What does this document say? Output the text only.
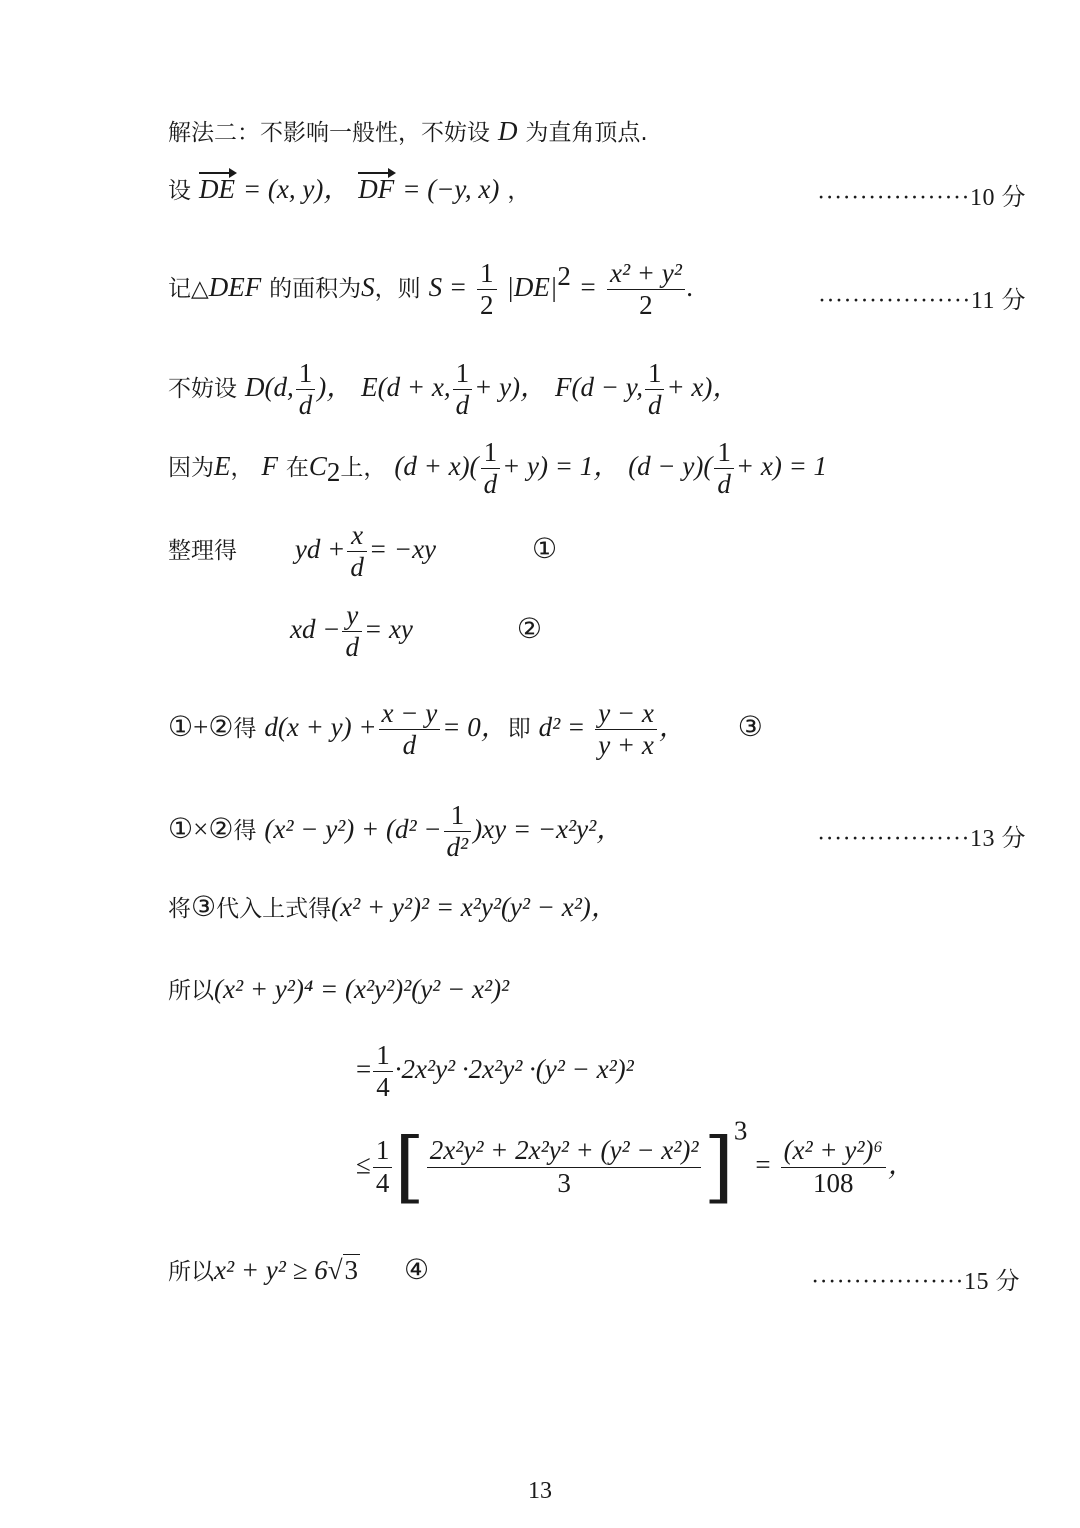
解法二：不影响一般性，不妨设 D 为直角顶点.
设 DE = (x, y)， DF = (−y, x) ，	··················10 分
记△DEF 的面积为S，则 $S = \frac{1}{2} |DE|^2 = \frac{\text{x² + y²}}{2}$ .	··················11 分
不妨设 D(d, $\frac{1}{d}$ )， E(d + x, $\frac{1}{d} + y$)， F(d − y, $\frac{1}{d} + x$)，
因为E， F 在$C_2$上， $(d + x)( \frac{1}{d} + y) = 1$， $(d - y)( \frac{1}{d} + x) = 1$
整理得 yd + $\frac{x}{d} = -xy$	①
xd − $\frac{y}{d}$ = xy	②
①+②得 $d(x + y) + \frac{x - y}{d} = 0$，即 $d^2 = \frac{y - x}{y + x}$ ， ③
①×②得 $(x^2 - y^2) + (d^2 - \frac{1}{\text{d²}} )xy = -x^2y^2$，	··················13 分
将③代入上式得(x² + y²)² = x²y²(y² − x²)，
所以(x² + y²)⁴ = (x²y²)²(y² − x²)²
= $\frac{1}{4} \cdot 2x^2y^2 \cdot 2x^2y^2 \cdot(y^2 - x^2)^2$
≤ $\frac{1}{4}$ [ $\frac{\text{2x²y² + 2x²y² + (y² − x²)²}}{3} ]^3 = \frac{\text{(x² + y²)⁶}}{108}$ ，
所以x² + y² ≥ 6√3 ④	··················15 分
13
